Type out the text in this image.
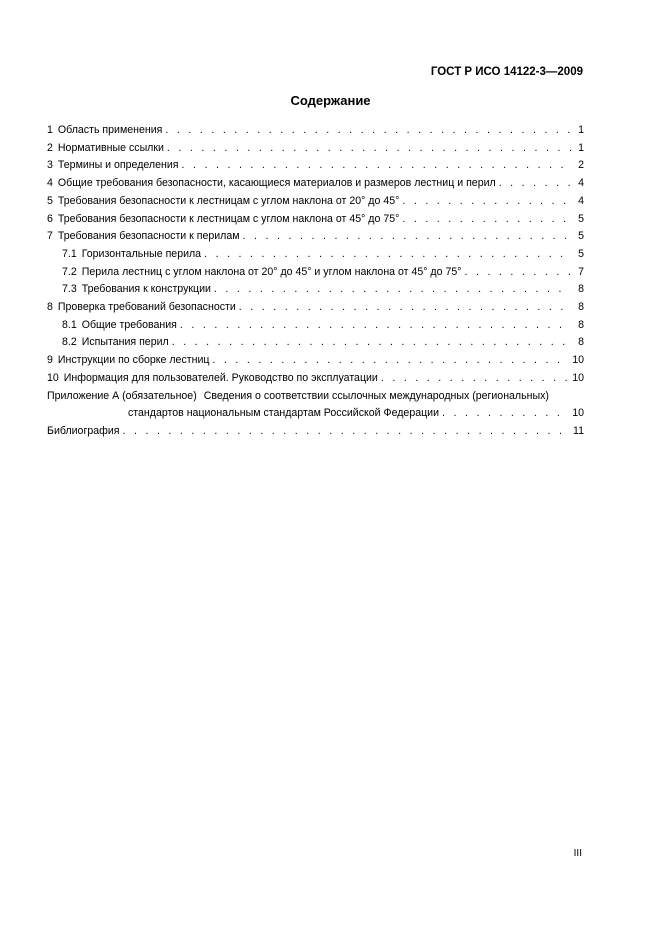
ГОСТ Р ИСО 14122-3—2009
Содержание
1 Область применения . . .	1
2 Нормативные ссылки . . .	1
3 Термины и определения . . .	2
4 Общие требования безопасности, касающиеся материалов и размеров лестниц и перил . . .	4
5 Требования безопасности к лестницам с углом наклона от 20° до 45° . . .	4
6 Требования безопасности к лестницам с углом наклона от 45° до 75° . . .	5
7 Требования безопасности к перилам . . .	5
7.1 Горизонтальные перила . . .	5
7.2 Перила лестниц с углом наклона от 20° до 45° и углом наклона от 45° до 75° . . .	7
7.3 Требования к конструкции . . .	8
8 Проверка требований безопасности . . .	8
8.1 Общие требования . . .	8
8.2 Испытания перил . . .	8
9 Инструкции по сборке лестниц . . .	10
10 Информация для пользователей. Руководство по эксплуатации . . .	10
Приложение А (обязательное) Сведения о соответствии ссылочных международных (региональных)
стандартов национальным стандартам Российской Федерации . . .	10
Библиография . . .	11
III
